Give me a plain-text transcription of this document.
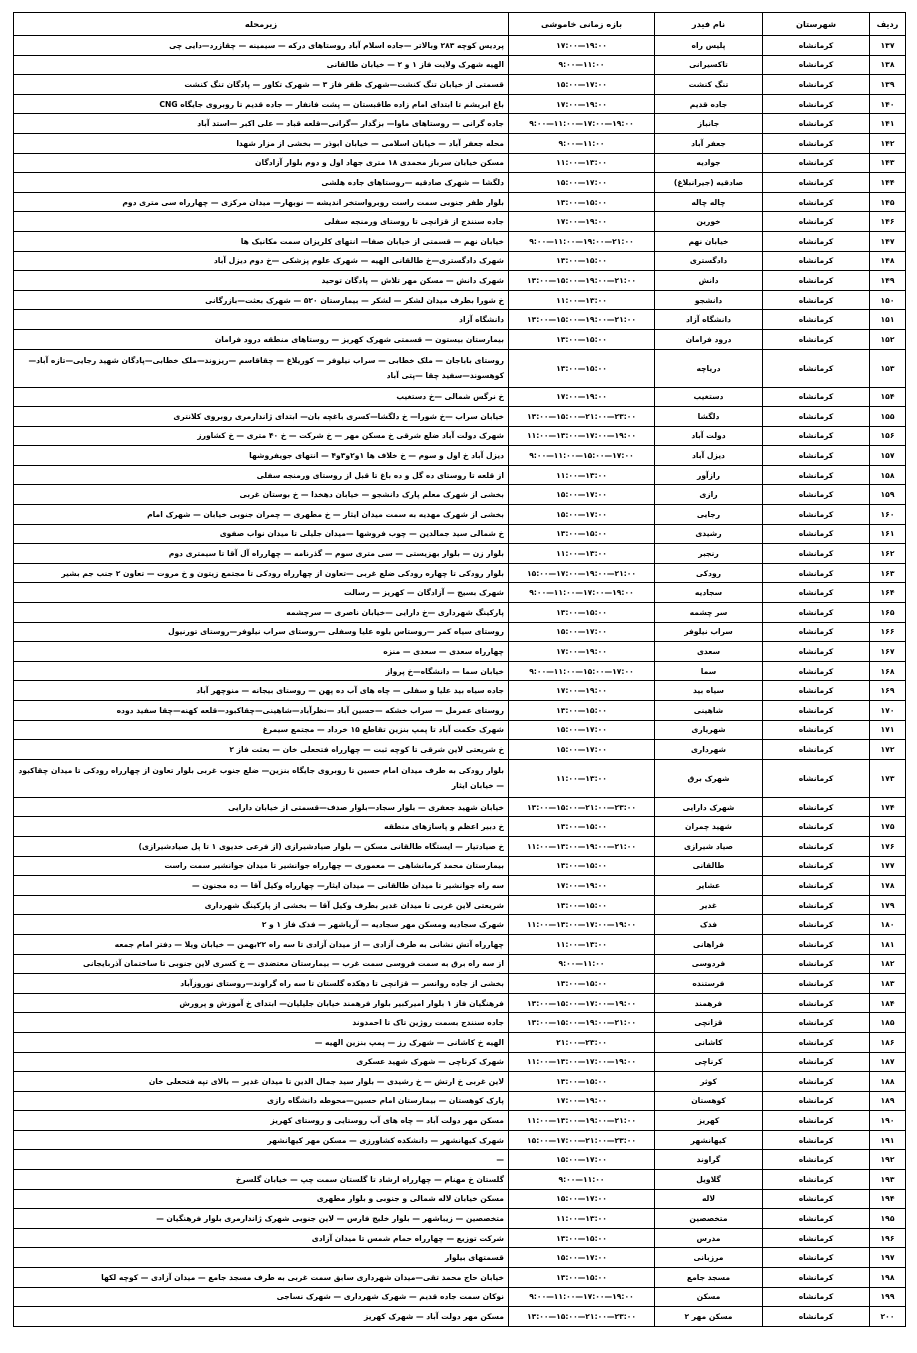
ردیف	شهرستان	نام فیدر	بازه زمانی خاموشی	زیرمحله
۱۳۷	کرمانشاه	پلیس راه	۱۷:۰۰—۱۹:۰۰	پردیس کوچه ۲۸۳ وبالاتر —جاده اسلام آباد روستاهای درکه — سیمینه — چقازرد—دایی چی
۱۳۸	کرمانشاه	تاکسیرانی	۹:۰۰—۱۱:۰۰	الهیه شهرک ولایت فاز ۱ و ۲ — خیابان طالقانی
۱۳۹	کرمانشاه	تنگ کنشت	۱۵:۰۰—۱۷:۰۰	قسمتی از خیابان تنگ کنشت—شهرک ظفر فاز ۳ — شهرک تکاور — پادگان تنگ کنشت
۱۴۰	کرمانشاه	جاده قدیم	۱۷:۰۰—۱۹:۰۰	باغ ابریشم تا ابتدای امام زاده طاقبستان — پشت فانفار — جاده قدیم تا روبروی جایگاه CNG
۱۴۱	کرمانشاه	جانباز	۹:۰۰—۱۱:۰۰—۱۷:۰۰—۱۹:۰۰	جاده گرانی — روستاهای ماوا— بزگدار —گرانی—قلعه قباد — علی اکبر —استد آباد
۱۴۲	کرمانشاه	جعفر آباد	۹:۰۰—۱۱:۰۰	محله جعفر آباد — خیابان اسلامی — خیابان ابوذر — بخشی از مزار شهدا
۱۴۳	کرمانشاه	جوادیه	۱۱:۰۰—۱۳:۰۰	مسکن خیابان سرباز محمدی ۱۸ متری جهاد اول و دوم بلوار آزادگان
۱۴۴	کرمانشاه	صادقیه (جیرانبلاغ)	۱۵:۰۰—۱۷:۰۰	دلگشا — شهرک صادقیه —روستاهای جاده هلشی
۱۴۵	کرمانشاه	چاله چاله	۱۳:۰۰—۱۵:۰۰	بلوار ظفر جنوبی سمت راست روبرواستخر اندیشه — نوبهار— میدان مرکزی — چهارراه سی متری دوم
۱۴۶	کرمانشاه	خورین	۱۷:۰۰—۱۹:۰۰	جاده سنندج از قزانچی تا روستای ورمنجه سفلی
۱۴۷	کرمانشاه	خیابان نهم	۹:۰۰—۱۱:۰۰—۱۹:۰۰—۲۱:۰۰	خیابان نهم — قسمتی از خیابان صفا— انتهای کلریزان سمت مکانیک ها
۱۴۸	کرمانشاه	دادگستری	۱۳:۰۰—۱۵:۰۰	شهرک دادگستری—خ طالقانی الهیه — شهرک علوم پزشکی —خ دوم دیزل آباد
۱۴۹	کرمانشاه	دانش	۱۳:۰۰—۱۵:۰۰—۱۹:۰۰—۲۱:۰۰	شهرک دانش — مسکن مهر تلاش — پادگان توحید
۱۵۰	کرمانشاه	دانشجو	۱۱:۰۰—۱۳:۰۰	خ شورا بطرف میدان لشکر — لشکر — بیمارستان ۵۲۰ — شهرک بعثت—بازرگانی
۱۵۱	کرمانشاه	دانشگاه آزاد	۱۳:۰۰—۱۵:۰۰—۱۹:۰۰—۲۱:۰۰	دانشگاه آزاد
۱۵۲	کرمانشاه	درود فرامان	۱۳:۰۰—۱۵:۰۰	بیمارستان بیستون — قسمتی شهرک کهریز — روستاهای منطقه درود فرامان
۱۵۳	کرمانشاه	دریاچه	۱۳:۰۰—۱۵:۰۰	روستای باباجان — ملک خطابی — سراب نیلوفر — کوریلاغ — چقاقاسم —ریزوند—ملک خطابی—پادگان شهید رجایی—تازه آباد—کوهسوند—سفید چقا —پتی آباد
۱۵۴	کرمانشاه	دستغیب	۱۷:۰۰—۱۹:۰۰	خ نرگس شمالی —خ دستغیب
۱۵۵	کرمانشاه	دلگشا	۱۳:۰۰—۱۵:۰۰—۲۱:۰۰—۲۳:۰۰	خیابان سراب —خ شورا— خ دلگشا—کسری باغچه بان— ابتدای ژاندارمری روبروی کلانتری
۱۵۶	کرمانشاه	دولت آباد	۱۱:۰۰—۱۳:۰۰—۱۷:۰۰—۱۹:۰۰	شهرک دولت آباد ضلع شرقی خ مسکن مهر — خ شرکت — خ ۴۰ متری — خ کشاورز
۱۵۷	کرمانشاه	دیزل آباد	۹:۰۰—۱۱:۰۰—۱۵:۰۰—۱۷:۰۰	دیزل آباد خ اول و سوم — خ خلاف ها ۱و۲و۳و۴ — انتهای جویفروشها
۱۵۸	کرمانشاه	رازآور	۱۱:۰۰—۱۳:۰۰	از قلعه تا روستای ده گل و ده باغ تا قبل از روستای ورمنجه سفلی
۱۵۹	کرمانشاه	رازی	۱۵:۰۰—۱۷:۰۰	بخشی از شهرک معلم پارک دانشجو — خیابان دهخدا — خ بوستان غربی
۱۶۰	کرمانشاه	رجایی	۱۵:۰۰—۱۷:۰۰	بخشی از شهرک مهدیه به سمت میدان ایثار — خ مطهری — چمران جنوبی خیابان — شهرک امام
۱۶۱	کرمانشاه	رشیدی	۱۳:۰۰—۱۵:۰۰	خ شمالی سید جمالدین — چوب فروشها —میدان جلیلی تا میدان نواب صفوی
۱۶۲	کرمانشاه	رنجبر	۱۱:۰۰—۱۳:۰۰	بلوار زن — بلوار بهزیستی — سی متری سوم — گذرنامه — چهارراه آل آقا تا سیمتری دوم
۱۶۳	کرمانشاه	رودکی	۱۵:۰۰—۱۷:۰۰—۱۹:۰۰—۲۱:۰۰	بلوار رودکی تا چهاره رودکی ضلع غربی —تعاون از چهارراه رودکی تا مجتمع زیتون و خ مروت — تعاون ۲ جنب جم بشیر
۱۶۴	کرمانشاه	سجادیه	۹:۰۰—۱۱:۰۰—۱۷:۰۰—۱۹:۰۰	شهرک بسیج — آزادگان — کهریز — رسالت
۱۶۵	کرمانشاه	سر چشمه	۱۳:۰۰—۱۵:۰۰	پارکینگ شهرداری —خ دارایی —خیابان ناصری — سرچشمه
۱۶۶	کرمانشاه	سراب نیلوفر	۱۵:۰۰—۱۷:۰۰	روستای سیاه کمر —روستاس بلوه علیا وسفلی —روستای سراب نیلوفر—روستای تورنیول
۱۶۷	کرمانشاه	سعدی	۱۷:۰۰—۱۹:۰۰	چهارراه سعدی — سعدی — منزه
۱۶۸	کرمانشاه	سما	۹:۰۰—۱۱:۰۰—۱۵:۰۰—۱۷:۰۰	خیابان سما — دانشگاه—خ پرواز
۱۶۹	کرمانشاه	سیاه بید	۱۷:۰۰—۱۹:۰۰	جاده سیاه بید علیا و سفلی — چاه های آب ده پهن — روستای بیجانه — منوچهر آباد
۱۷۰	کرمانشاه	شاهینی	۱۳:۰۰—۱۵:۰۰	روستای عمرمل — سراب خشکه —حسین آباد —نظرآباد—شاهینی—چقاکبود—قلعه کهنه—چقا سفید دوده
۱۷۱	کرمانشاه	شهریاری	۱۵:۰۰—۱۷:۰۰	شهرک حکمت آباد تا پمپ بنزین تقاطع ۱۵ خرداد — مجتمع سیمرغ
۱۷۲	کرمانشاه	شهرداری	۱۵:۰۰—۱۷:۰۰	خ شریعتی لاین شرقی تا کوچه ثبت — چهارراه فتحعلی خان — بعثت فاز ۲
۱۷۳	کرمانشاه	شهرک برق	۱۱:۰۰—۱۳:۰۰	بلوار رودکی به طرف میدان امام حسین تا روبروی جایگاه بنزین— ضلع جنوب غربی بلوار تعاون از چهارراه رودکی تا میدان چقاکبود— خیابان ایثار
۱۷۴	کرمانشاه	شهرک دارایی	۱۳:۰۰—۱۵:۰۰—۲۱:۰۰—۲۳:۰۰	خیابان شهید جعفری — بلوار سجاد—بلوار صدف—قسمتی از خیابان دارایی
۱۷۵	کرمانشاه	شهید چمران	۱۳:۰۰—۱۵:۰۰	خ دبیر اعظم و پاسازهای منطقه
۱۷۶	کرمانشاه	صیاد شیرازی	۱۱:۰۰—۱۳:۰۰—۱۹:۰۰—۲۱:۰۰	خ صیادتیار — ایستگاه طالقانی مسکن — بلوار صیادشیرازی (از فرعی خدیوی ۱ تا پل صیادشیرازی)
۱۷۷	کرمانشاه	طالقانی	۱۳:۰۰—۱۵:۰۰	بیمارستان محمد کرمانشاهی — معموری — چهارراه جوانشیر تا میدان جوانشیر سمت راست
۱۷۸	کرمانشاه	عشایر	۱۷:۰۰—۱۹:۰۰	سه راه جوانشیر تا میدان طالقانی — میدان ایثار— چهارراه وکیل آقا — ده مجنون —
۱۷۹	کرمانشاه	غدیر	۱۳:۰۰—۱۵:۰۰	شریعتی لاین غربی تا میدان غدیر بطرف وکیل آقا — بخشی از پارکینگ شهرداری
۱۸۰	کرمانشاه	فدک	۱۱:۰۰—۱۳:۰۰—۱۷:۰۰—۱۹:۰۰	شهرک سجادیه ومسکن مهر سجادیه — آریاشهر — فدک فاز ۱ و ۲
۱۸۱	کرمانشاه	فراهانی	۱۱:۰۰—۱۳:۰۰	چهارراه آتش نشانی به طرف آزادی — از میدان آزادی تا سه راه ۲۲بهمن — خیابان ویلا — دفتر امام جمعه
۱۸۲	کرمانشاه	فردوسی	۹:۰۰—۱۱:۰۰	از سه راه برق به سمت فروسی سمت غرب — بیمارستان معتضدی — خ کسری لاین جنوبی تا ساختمان آذربایجانی
۱۸۳	کرمانشاه	فرستنده	۱۳:۰۰—۱۵:۰۰	بخشی از جاده روانسر — قزانچی تا دهکده گلستان تا سه راه گراوند—روستای نوروزآباد
۱۸۴	کرمانشاه	فرهمند	۱۳:۰۰—۱۵:۰۰—۱۷:۰۰—۱۹:۰۰	فرهنگیان فاز ۱ بلوار امیرکبیر بلوار فرهمند خیابان جلیلیان— ابتدای خ آموزش و پرورش
۱۸۵	کرمانشاه	قزانچی	۱۳:۰۰—۱۵:۰۰—۱۹:۰۰—۲۱:۰۰	جاده سنندج بسمت روژین تاک تا احمدوند
۱۸۶	کرمانشاه	کاشانی	۲۱:۰۰—۲۳:۰۰	الهیه خ کاشانی — شهرک رز — پمپ بنزین الهیه —
۱۸۷	کرمانشاه	کرناچی	۱۱:۰۰—۱۳:۰۰—۱۷:۰۰—۱۹:۰۰	شهرک کرناچی — شهرک شهید عسکری
۱۸۸	کرمانشاه	کوثر	۱۳:۰۰—۱۵:۰۰	لاین غربی خ ارتش — خ رشیدی — بلوار سید جمال الدین تا میدان غدیر — بالای تپه فتحعلی خان
۱۸۹	کرمانشاه	کوهستان	۱۷:۰۰—۱۹:۰۰	پارک کوهستان — بیمارستان امام حسین—محوطه دانشگاه رازی
۱۹۰	کرمانشاه	کهریز	۱۱:۰۰—۱۳:۰۰—۱۹:۰۰—۲۱:۰۰	مسکن مهر دولت آباد — چاه های آب روستایی و روستای کهریز
۱۹۱	کرمانشاه	کیهانشهر	۱۵:۰۰—۱۷:۰۰—۲۱:۰۰—۲۳:۰۰	شهرک کیهانشهر — دانشکده کشاورزی — مسکن مهر کیهانشهر
۱۹۲	کرمانشاه	گراوند	۱۵:۰۰—۱۷:۰۰	—
۱۹۳	کرمانشاه	گلاویل	۹:۰۰—۱۱:۰۰	گلستان خ مهنام — چهارراه ارشاد تا گلستان سمت چپ — خیابان گلسرخ
۱۹۴	کرمانشاه	لاله	۱۵:۰۰—۱۷:۰۰	مسکن خیابان لاله شمالی و جنوبی و بلوار مطهری
۱۹۵	کرمانشاه	متخصصین	۱۱:۰۰—۱۳:۰۰	متخصصین — زیباشهر — بلوار خلیج فارس — لاین جنوبی شهرک ژاندارمری بلوار فرهنگیان —
۱۹۶	کرمانشاه	مدرس	۱۳:۰۰—۱۵:۰۰	شرکت توزیع — چهارراه حمام شمس تا میدان آزادی
۱۹۷	کرمانشاه	مرزبانی	۱۵:۰۰—۱۷:۰۰	قسمتهای بیلوار
۱۹۸	کرمانشاه	مسجد جامع	۱۳:۰۰—۱۵:۰۰	خیابان حاج محمد تقی—میدان شهرداری سابق سمت غربی به طرف مسجد جامع — میدان آزادی — کوچه لکها
۱۹۹	کرمانشاه	مسکن	۹:۰۰—۱۱:۰۰—۱۷:۰۰—۱۹:۰۰	نوکان سمت جاده قدیم — شهرک شهرداری — شهرک نساجی
۲۰۰	کرمانشاه	مسکن مهر ۲	۱۳:۰۰—۱۵:۰۰—۲۱:۰۰—۲۳:۰۰	مسکن مهر دولت آباد — شهرک کهریز
